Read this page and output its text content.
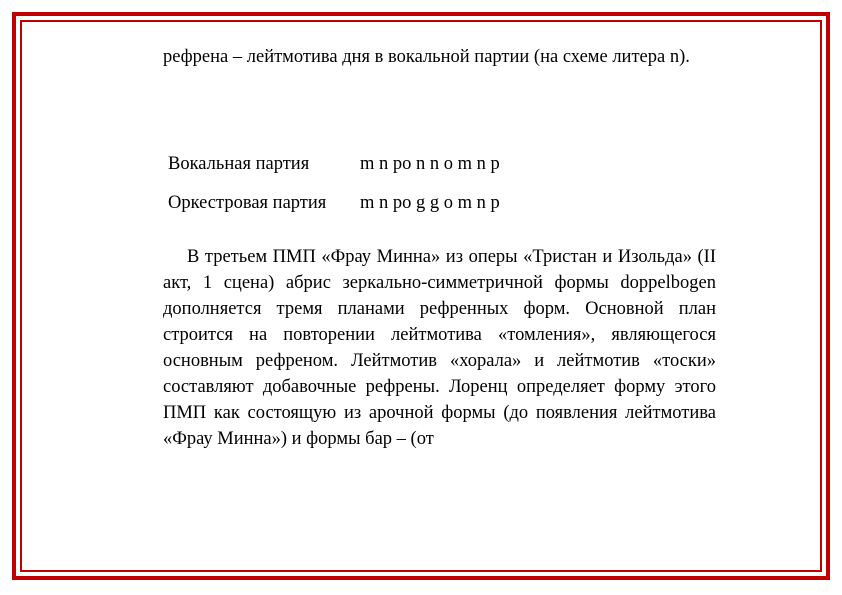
рефрена – лейтмотива дня в вокальной партии (на схеме литера n).
Вокальная партия	m n po n n o m n p
Оркестровая партия	m n po g g o m n p
В третьем ПМП «Фрау Минна» из оперы «Тристан и Изольда» (II акт, 1 сцена) абрис зеркально-симметричной формы doppelbogen дополняется тремя планами рефренных форм. Основной план строится на повторении лейтмотива «томления», являющегося основным рефреном. Лейтмотив «хорала» и лейтмотив «тоски» составляют добавочные рефрены. Лоренц определяет форму этого ПМП как состоящую из арочной формы (до появления лейтмотива «Фрау Минна») и формы бар – (от
